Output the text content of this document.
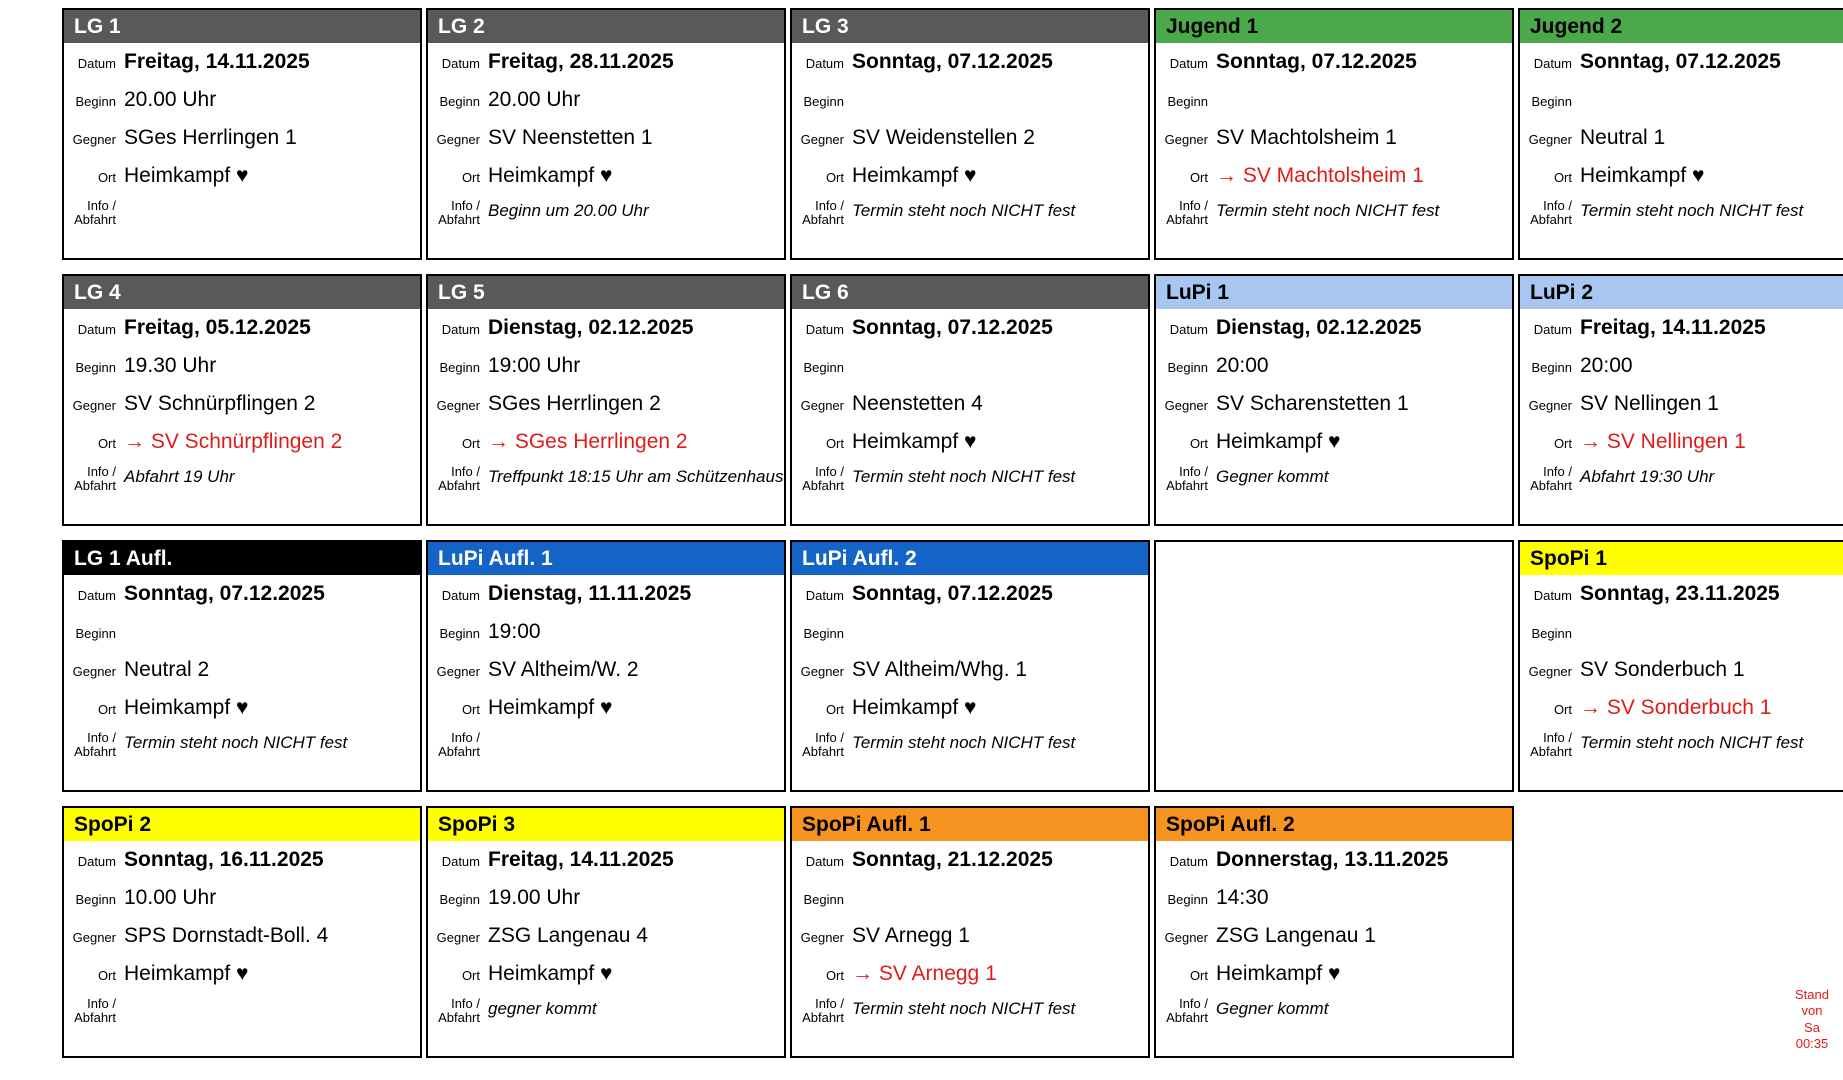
LG 1
Datum Freitag, 14.11.2025
Beginn 20.00 Uhr
Gegner SGes Herrlingen 1
Ort Heimkampf ♥
Info /
Abfahrt
LG 2
Datum Freitag, 28.11.2025
Beginn 20.00 Uhr
Gegner SV Neenstetten 1
Ort Heimkampf ♥
Info /
Abfahrt Beginn um 20.00 Uhr
LG 3
Datum Sonntag, 07.12.2025
Beginn
Gegner SV Weidenstellen 2
Ort Heimkampf ♥
Info /
Abfahrt Termin steht noch NICHT fest
Jugend 1
Datum Sonntag, 07.12.2025
Beginn
Gegner SV Machtolsheim 1
Ort → SV Machtolsheim 1
Info /
Abfahrt Termin steht noch NICHT fest
Jugend 2
Datum Sonntag, 07.12.2025
Beginn
Gegner Neutral 1
Ort Heimkampf ♥
Info /
Abfahrt Termin steht noch NICHT fest
LG 4
Datum Freitag, 05.12.2025
Beginn 19.30 Uhr
Gegner SV Schnürpflingen 2
Ort → SV Schnürpflingen 2
Info /
Abfahrt Abfahrt 19 Uhr
LG 5
Datum Dienstag, 02.12.2025
Beginn 19:00 Uhr
Gegner SGes Herrlingen 2
Ort → SGes Herrlingen 2
Info /
Abfahrt Treffpunkt 18:15 Uhr am Schützenhaus
LG 6
Datum Sonntag, 07.12.2025
Beginn
Gegner Neenstetten 4
Ort Heimkampf ♥
Info /
Abfahrt Termin steht noch NICHT fest
LuPi 1
Datum Dienstag, 02.12.2025
Beginn 20:00
Gegner SV Scharenstetten 1
Ort Heimkampf ♥
Info /
Abfahrt Gegner kommt
LuPi 2
Datum Freitag, 14.11.2025
Beginn 20:00
Gegner SV Nellingen 1
Ort → SV Nellingen 1
Info /
Abfahrt Abfahrt 19:30 Uhr
LG 1 Aufl.
Datum Sonntag, 07.12.2025
Beginn
Gegner Neutral 2
Ort Heimkampf ♥
Info /
Abfahrt Termin steht noch NICHT fest
LuPi Aufl. 1
Datum Dienstag, 11.11.2025
Beginn 19:00
Gegner SV Altheim/W. 2
Ort Heimkampf ♥
Info /
Abfahrt
LuPi Aufl. 2
Datum Sonntag, 07.12.2025
Beginn
Gegner SV Altheim/Whg. 1
Ort Heimkampf ♥
Info /
Abfahrt Termin steht noch NICHT fest
SpoPi 1
Datum Sonntag, 23.11.2025
Beginn
Gegner SV Sonderbuch 1
Ort → SV Sonderbuch 1
Info /
Abfahrt Termin steht noch NICHT fest
SpoPi 2
Datum Sonntag, 16.11.2025
Beginn 10.00 Uhr
Gegner SPS Dornstadt-Boll. 4
Ort Heimkampf ♥
Info /
Abfahrt
SpoPi 3
Datum Freitag, 14.11.2025
Beginn 19.00 Uhr
Gegner ZSG Langenau 4
Ort Heimkampf ♥
Info /
Abfahrt gegner kommt
SpoPi Aufl. 1
Datum Sonntag, 21.12.2025
Beginn
Gegner SV Arnegg 1
Ort → SV Arnegg 1
Info /
Abfahrt Termin steht noch NICHT fest
SpoPi Aufl. 2
Datum Donnerstag, 13.11.2025
Beginn 14:30
Gegner ZSG Langenau 1
Ort Heimkampf ♥
Info /
Abfahrt Gegner kommt
Stand
von
Sa
00:35
